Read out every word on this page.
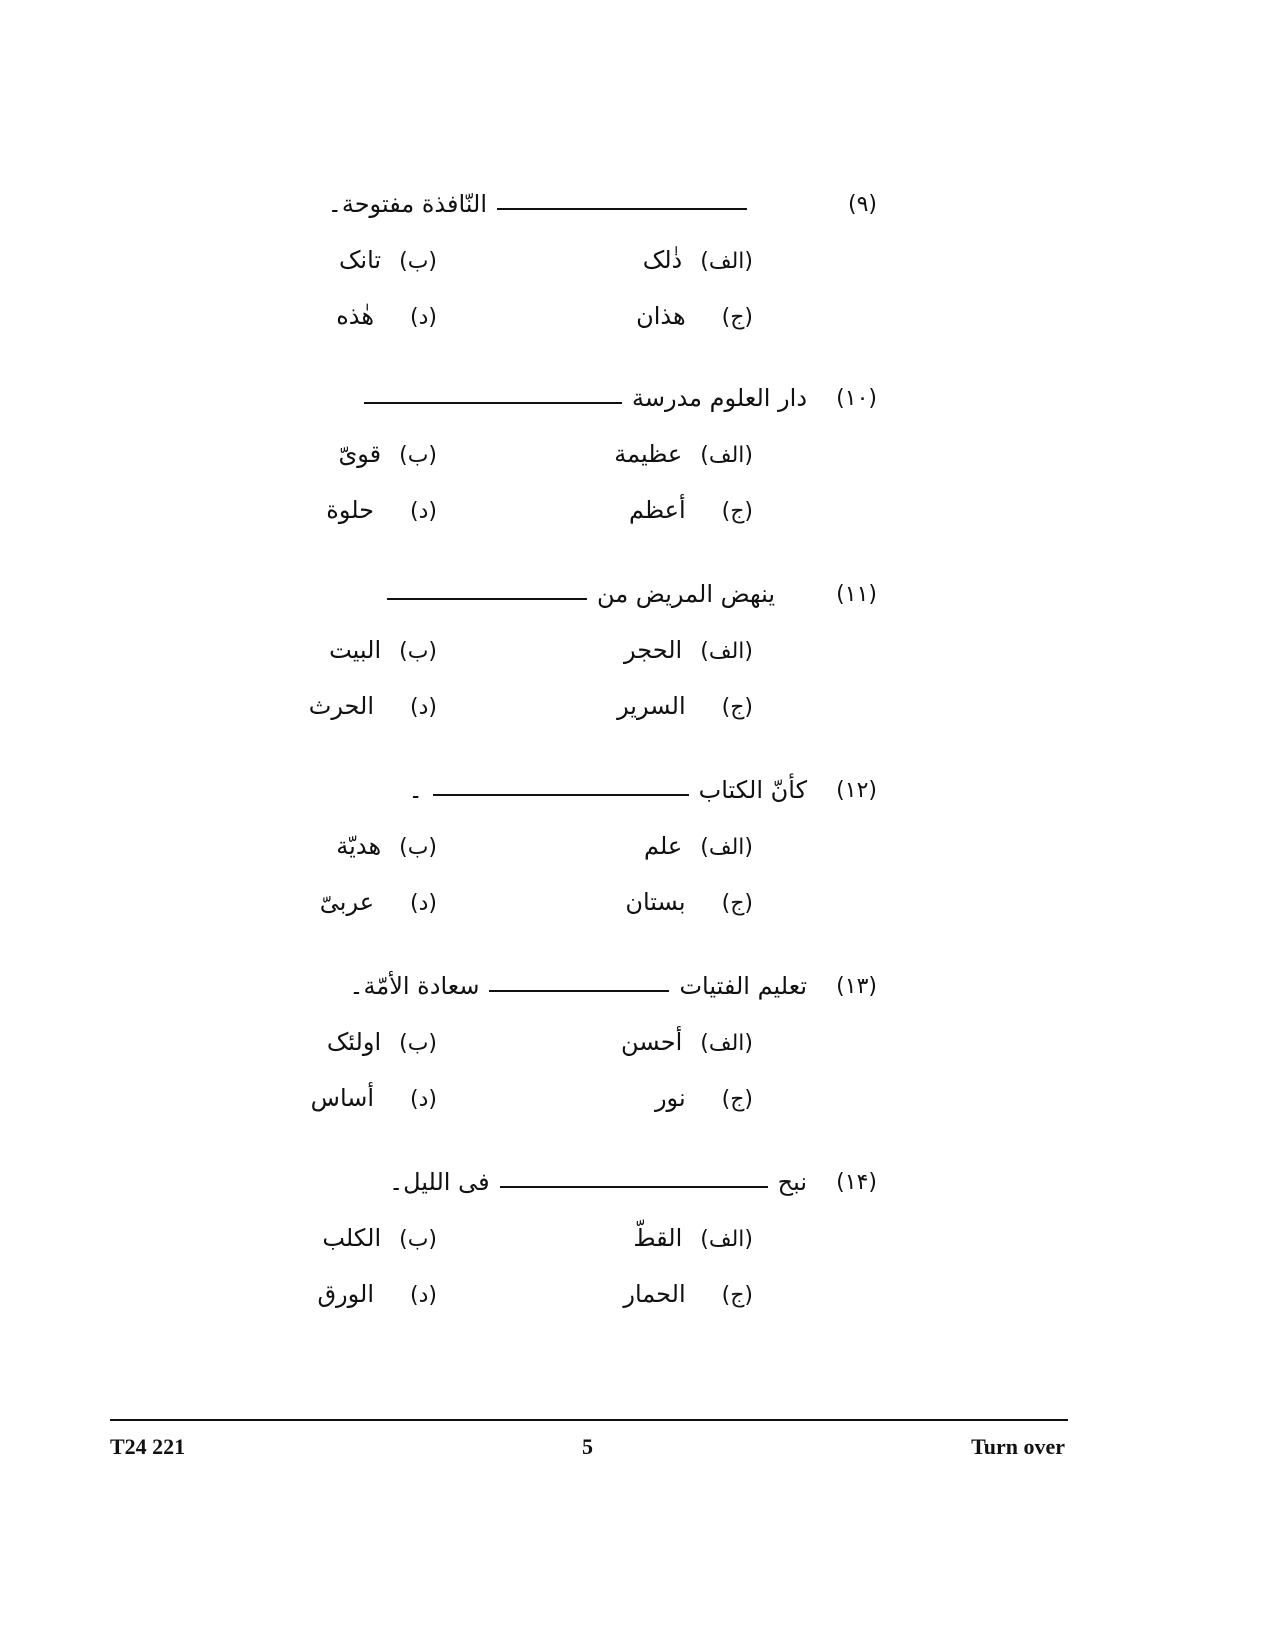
(٩)
النّافذة مفتوحة۔
(الف)
ذٰلک
(ب)
تانک
(ج)
هذان
(د)
هٰذه
(١٠)
دار العلوم مدرسة
(الف)
عظيمة
(ب)
قوىّ
(ج)
أعظم
(د)
حلوة
(١١)
ينهض المريض من
(الف)
الحجر
(ب)
البيت
(ج)
السرير
(د)
الحرث
(١٢)
كأنّ الكتاب
۔
(الف)
علم
(ب)
هديّة
(ج)
بستان
(د)
عربىّ
(١٣)
تعليم الفتيات
سعادة الأمّة۔
(الف)
أحسن
(ب)
اولئک
(ج)
نور
(د)
أساس
(١۴)
نبح
فى الليل۔
(الف)
القطّ
(ب)
الكلب
(ج)
الحمار
(د)
الورق
T24 221	5	Turn over
